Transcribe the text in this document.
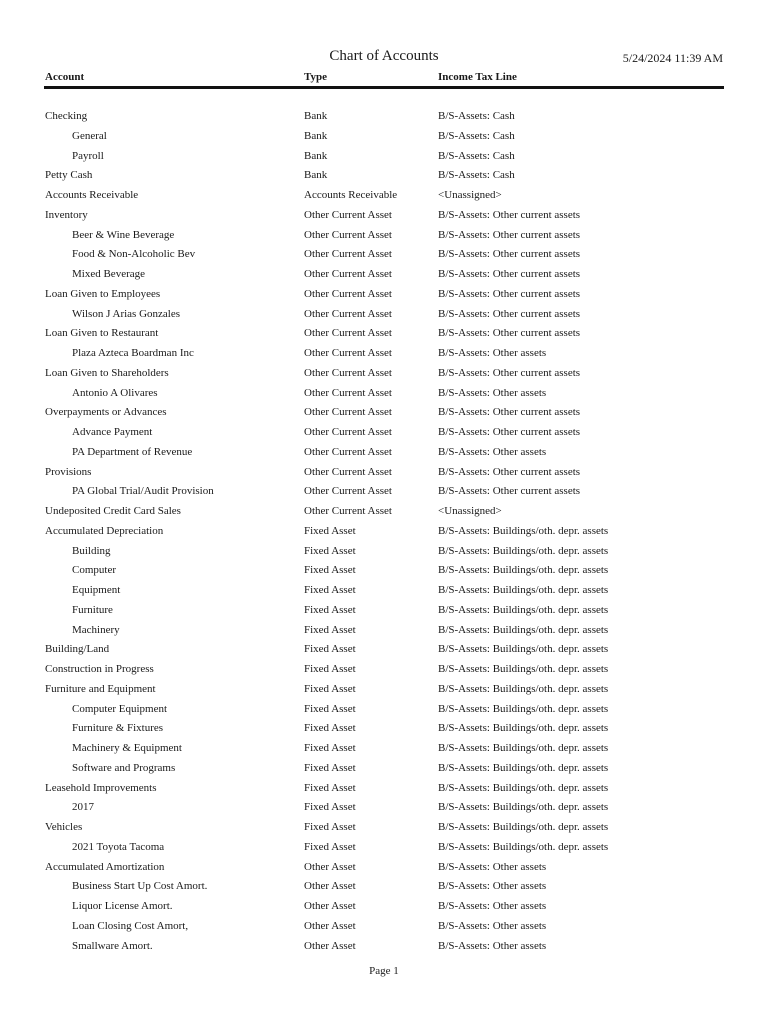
Chart of Accounts	5/24/2024 11:39 AM
Account	Type	Income Tax Line
Checking	Bank	B/S-Assets: Cash
General	Bank	B/S-Assets: Cash
Payroll	Bank	B/S-Assets: Cash
Petty Cash	Bank	B/S-Assets: Cash
Accounts Receivable	Accounts Receivable	<Unassigned>
Inventory	Other Current Asset	B/S-Assets: Other current assets
Beer & Wine Beverage	Other Current Asset	B/S-Assets: Other current assets
Food & Non-Alcoholic Bev	Other Current Asset	B/S-Assets: Other current assets
Mixed Beverage	Other Current Asset	B/S-Assets: Other current assets
Loan Given to Employees	Other Current Asset	B/S-Assets: Other current assets
Wilson J Arias Gonzales	Other Current Asset	B/S-Assets: Other current assets
Loan Given to Restaurant	Other Current Asset	B/S-Assets: Other current assets
Plaza Azteca Boardman Inc	Other Current Asset	B/S-Assets: Other assets
Loan Given to Shareholders	Other Current Asset	B/S-Assets: Other current assets
Antonio A Olivares	Other Current Asset	B/S-Assets: Other assets
Overpayments or Advances	Other Current Asset	B/S-Assets: Other current assets
Advance Payment	Other Current Asset	B/S-Assets: Other current assets
PA Department of Revenue	Other Current Asset	B/S-Assets: Other assets
Provisions	Other Current Asset	B/S-Assets: Other current assets
PA Global Trial/Audit Provision	Other Current Asset	B/S-Assets: Other current assets
Undeposited Credit Card Sales	Other Current Asset	<Unassigned>
Accumulated Depreciation	Fixed Asset	B/S-Assets: Buildings/oth. depr. assets
Building	Fixed Asset	B/S-Assets: Buildings/oth. depr. assets
Computer	Fixed Asset	B/S-Assets: Buildings/oth. depr. assets
Equipment	Fixed Asset	B/S-Assets: Buildings/oth. depr. assets
Furniture	Fixed Asset	B/S-Assets: Buildings/oth. depr. assets
Machinery	Fixed Asset	B/S-Assets: Buildings/oth. depr. assets
Building/Land	Fixed Asset	B/S-Assets: Buildings/oth. depr. assets
Construction in Progress	Fixed Asset	B/S-Assets: Buildings/oth. depr. assets
Furniture and Equipment	Fixed Asset	B/S-Assets: Buildings/oth. depr. assets
Computer Equipment	Fixed Asset	B/S-Assets: Buildings/oth. depr. assets
Furniture & Fixtures	Fixed Asset	B/S-Assets: Buildings/oth. depr. assets
Machinery & Equipment	Fixed Asset	B/S-Assets: Buildings/oth. depr. assets
Software and Programs	Fixed Asset	B/S-Assets: Buildings/oth. depr. assets
Leasehold Improvements	Fixed Asset	B/S-Assets: Buildings/oth. depr. assets
2017	Fixed Asset	B/S-Assets: Buildings/oth. depr. assets
Vehicles	Fixed Asset	B/S-Assets: Buildings/oth. depr. assets
2021 Toyota Tacoma	Fixed Asset	B/S-Assets: Buildings/oth. depr. assets
Accumulated Amortization	Other Asset	B/S-Assets: Other assets
Business Start Up Cost Amort.	Other Asset	B/S-Assets: Other assets
Liquor License Amort.	Other Asset	B/S-Assets: Other assets
Loan Closing Cost Amort,	Other Asset	B/S-Assets: Other assets
Smallware Amort.	Other Asset	B/S-Assets: Other assets
Page 1
